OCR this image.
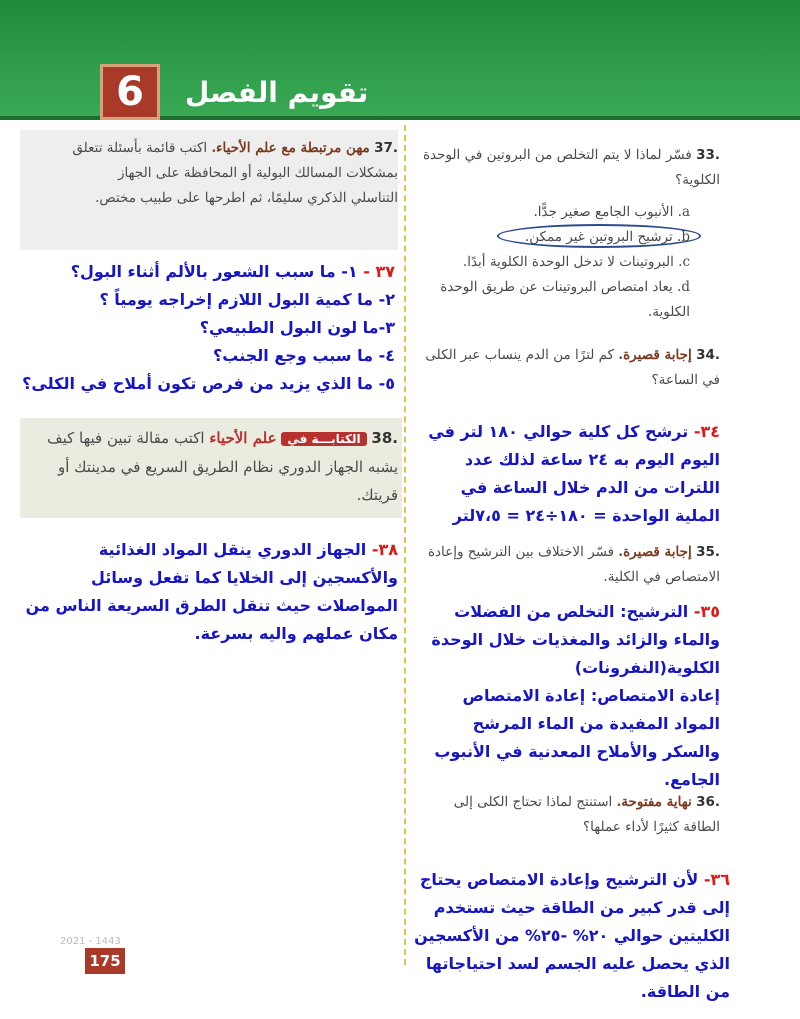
6 تقويم الفصل
37. مهن مرتبطة مع علم الأحياء. اكتب قائمة بأسئلة تتعلق بمشكلات المسالك البولية أو المحافظة على الجهاز التناسلي الذكري سليمًا، ثم اطرحها على طبيب مختص.
٣٧ - ١- ما سبب الشعور بالألم أثناء البول؟
٢- ما كمية البول اللازم إخراجه يومياً ؟
٣-ما لون البول الطبيعي؟
٤- ما سبب وجع الجنب؟
٥- ما الذي يزيد من فرص تكون أملاح في الكلى؟
38. الكتابـــة في علم الأحياء اكتب مقالة تبين فيها كيف يشبه الجهاز الدوري نظام الطريق السريع في مدينتك أو قريتك.
٣٨- الجهاز الدوري ينقل المواد الغذائية والأكسجين إلى الخلايا كما تفعل وسائل المواصلات حيث تنقل الطرق السريعة الناس من مكان عملهم واليه بسرعة.
2021 - 1443
175
33. فسّر لماذا لا يتم التخلص من البروتين في الوحدة الكلوية؟
a. الأنبوب الجامع صغير جدًّا.
b. ترشيح البروتين غير ممكن.
c. البروتينات لا تدخل الوحدة الكلوية أبدًا.
d. يعاد امتصاص البروتينات عن طريق الوحدة الكلوية.
34. إجابة قصيرة. كم لترًا من الدم ينساب عبر الكلى في الساعة؟
٣٤- ترشح كل كلية حوالي ١٨٠ لتر في اليوم اليوم به ٢٤ ساعة لذلك عدد اللترات من الدم خلال الساعة في الملية الواحدة = ١٨٠÷٢٤ = ٧،٥لتر
35. إجابة قصيرة. فسّر الاختلاف بين الترشيح وإعادة الامتصاص في الكلية.
٣٥- الترشيح: التخلص من الفضلات والماء والزائد والمغذيات خلال الوحدة الكلوية(النفرونات)
إعادة الامتصاص: إعادة الامتصاص المواد المفيدة من الماء المرشح والسكر والأملاح المعدنية في الأنبوب الجامع.
36. نهاية مفتوحة. استنتج لماذا تحتاج الكلى إلى الطاقة كثيرًا لأداء عملها؟
٣٦- لأن الترشيح وإعادة الامتصاص يحتاج إلى قدر كبير من الطاقة حيث تستخدم الكليتين حوالي ٢٠% -٢٥% من الأكسجين الذي يحصل عليه الجسم لسد احتياجاتها من الطاقة.
